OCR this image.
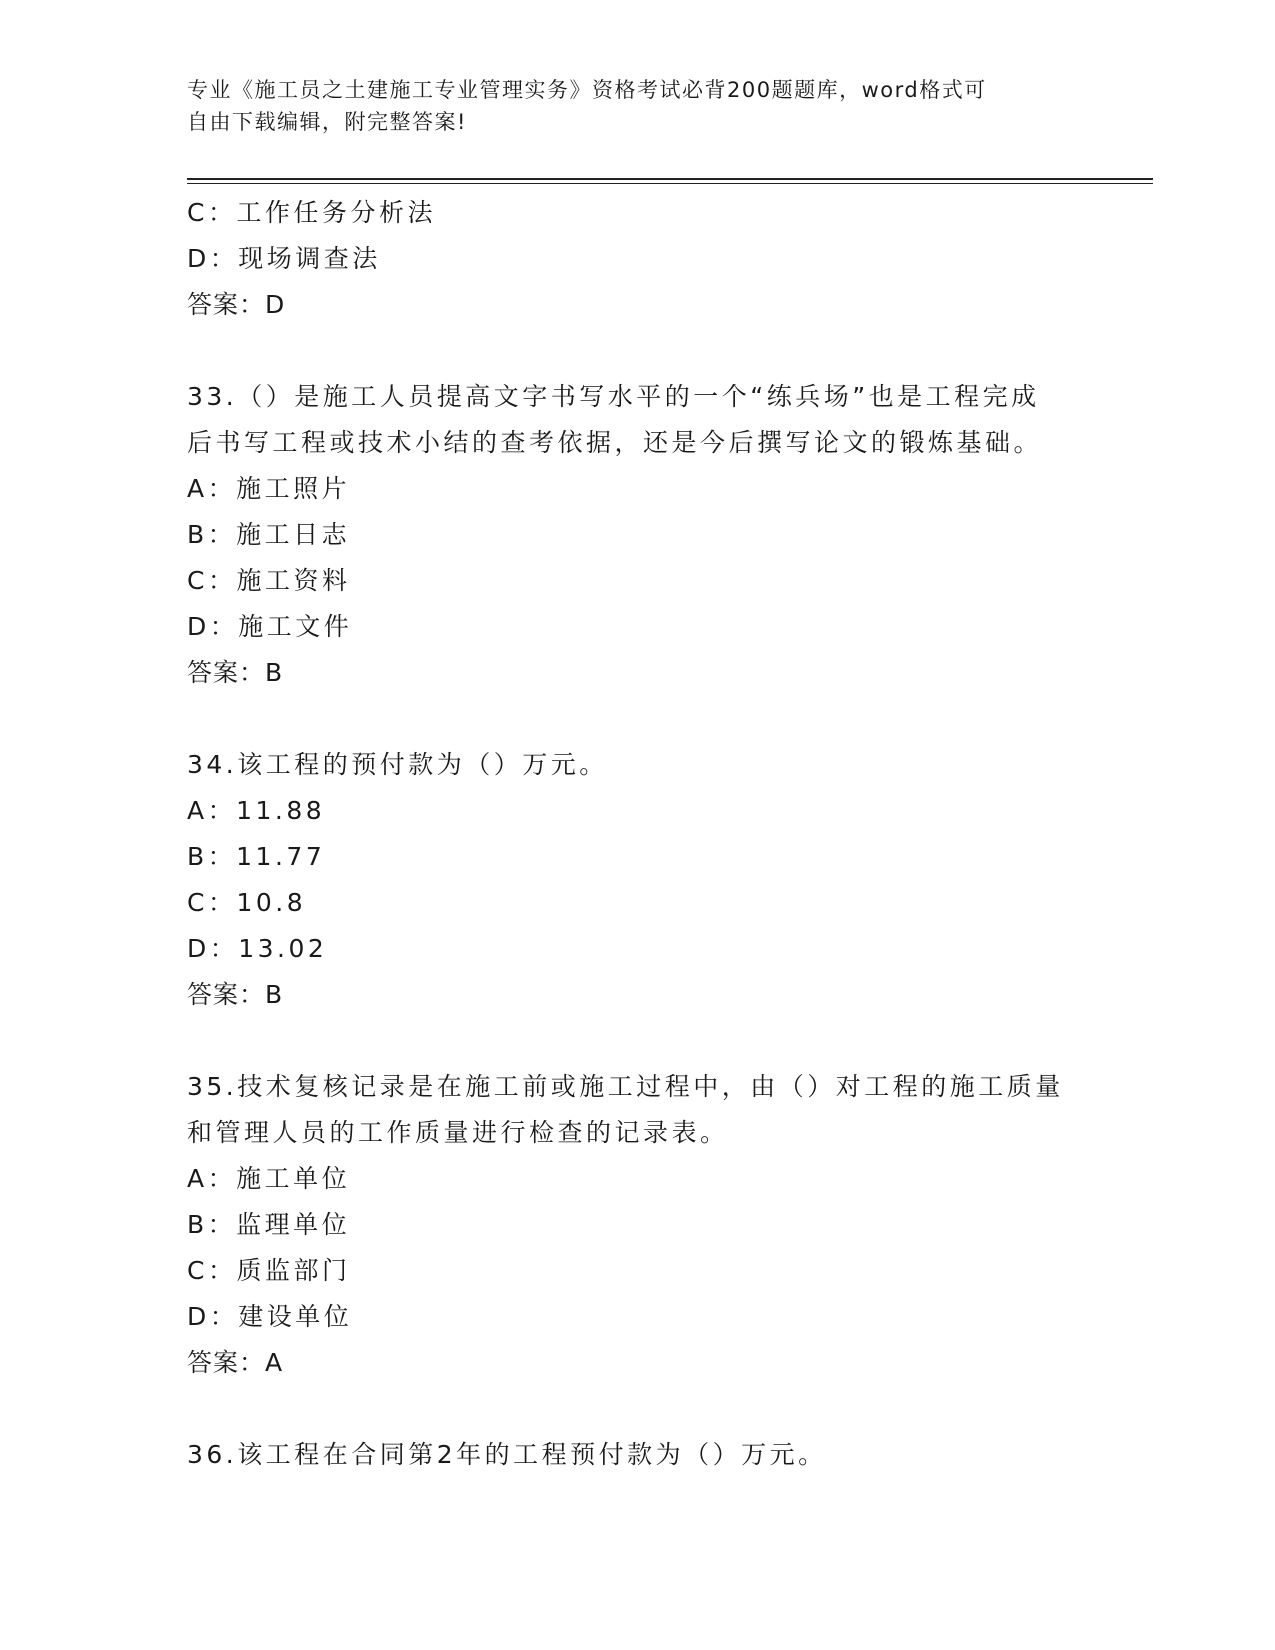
专业《施工员之土建施工专业管理实务》资格考试必背200题题库，word格式可
自由下载编辑，附完整答案!
C：工作任务分析法
D：现场调查法
答案：D
33.（）是施工人员提高文字书写水平的一个“练兵场”也是工程完成
后书写工程或技术小结的查考依据，还是今后撰写论文的锻炼基础。
A：施工照片
B：施工日志
C：施工资料
D：施工文件
答案：B
34.该工程的预付款为（）万元。
A：11.88
B：11.77
C：10.8
D：13.02
答案：B
35.技术复核记录是在施工前或施工过程中，由（）对工程的施工质量
和管理人员的工作质量进行检查的记录表。
A：施工单位
B：监理单位
C：质监部门
D：建设单位
答案：A
36.该工程在合同第2年的工程预付款为（）万元。
